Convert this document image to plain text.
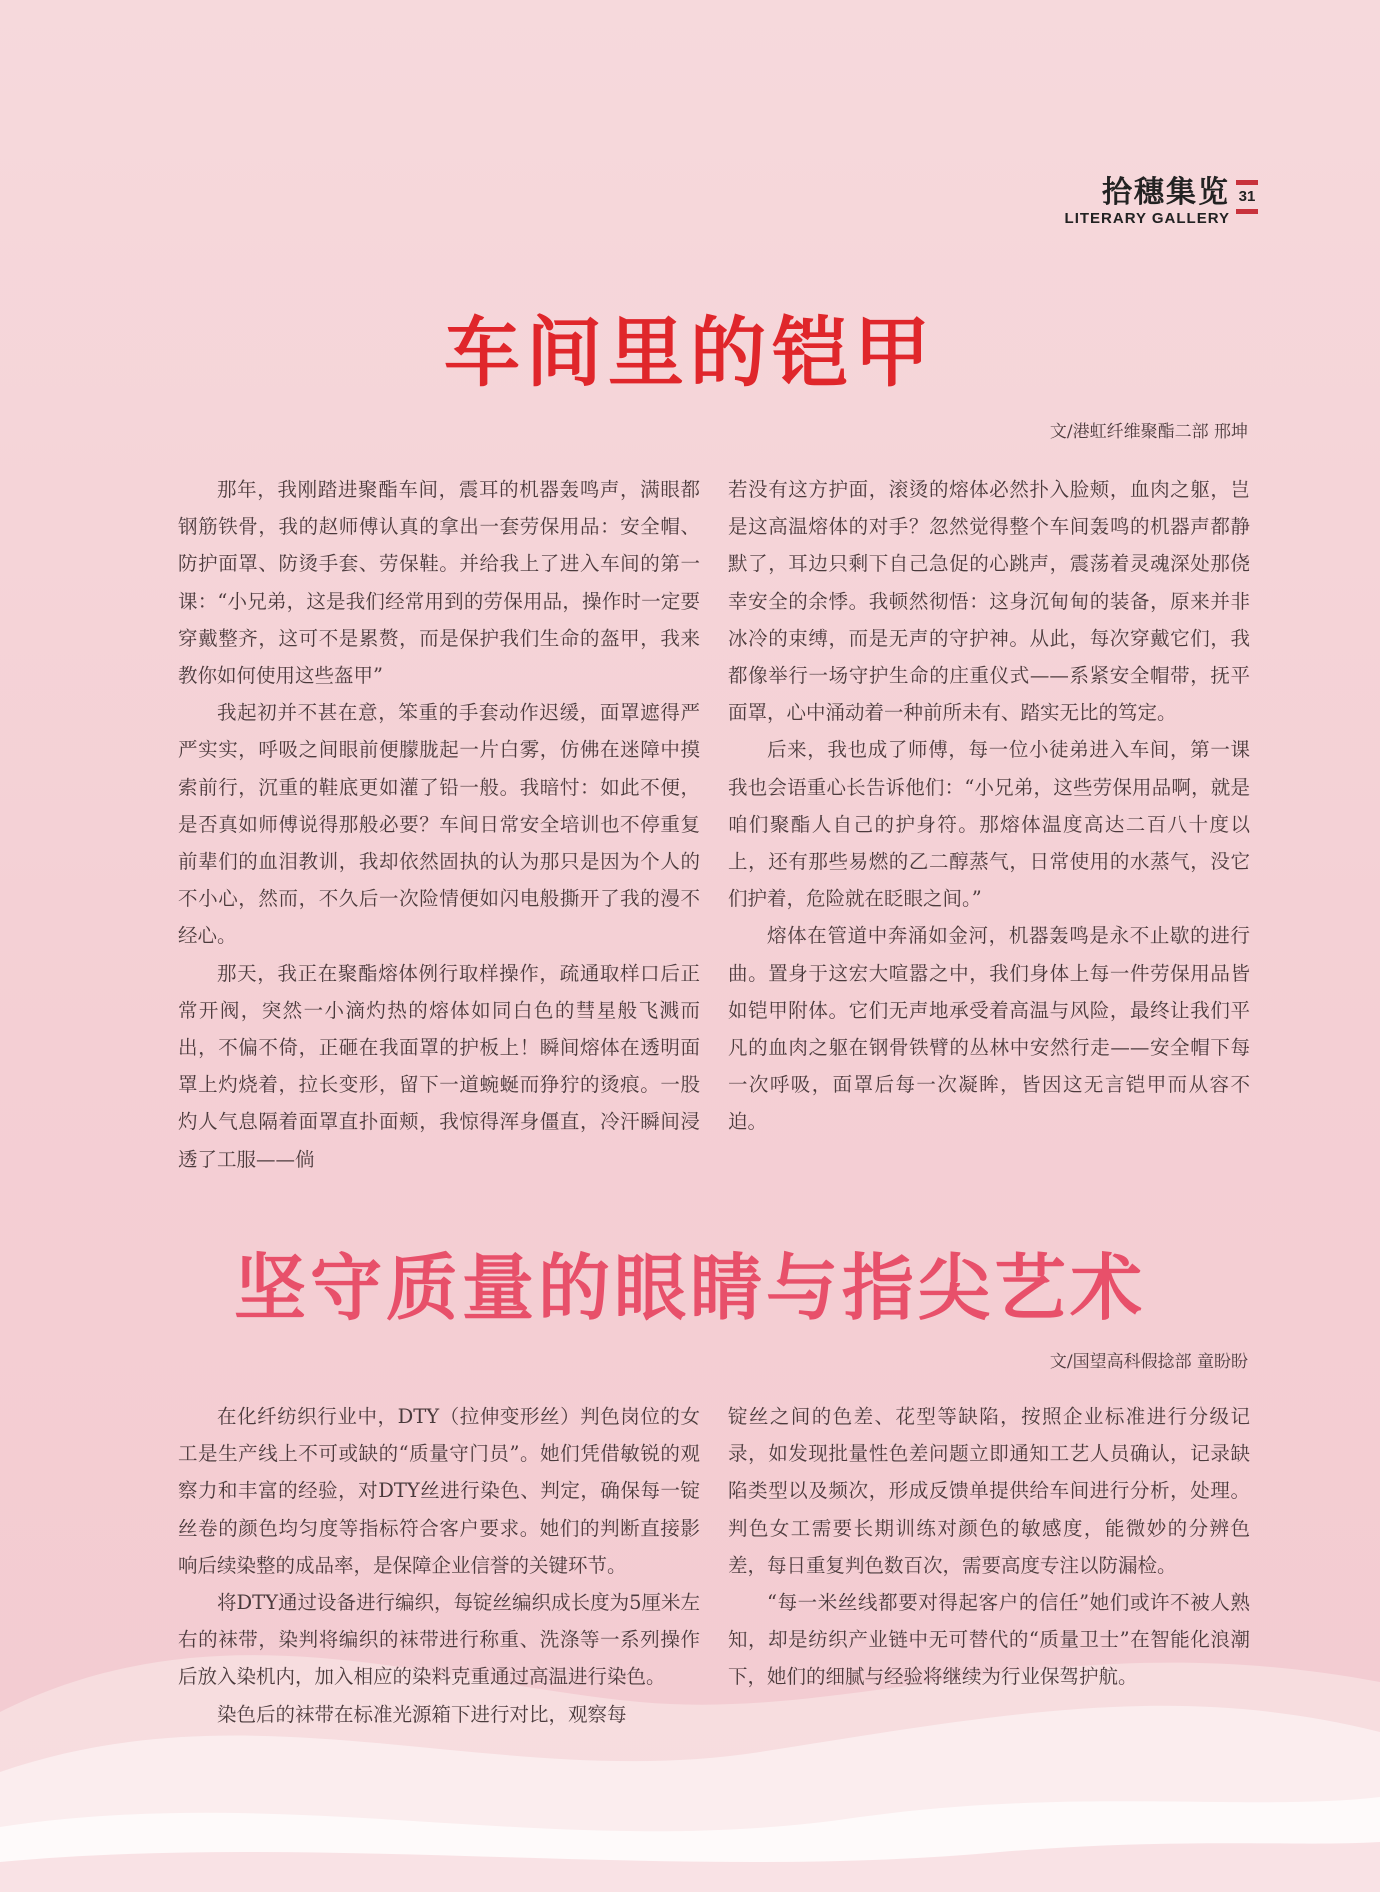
拾穗集览
LITERARY GALLERY
31
车间里的铠甲
文/港虹纤维聚酯二部 邢坤

那年，我刚踏进聚酯车间，震耳的机器轰鸣声，满眼都钢筋铁骨，我的赵师傅认真的拿出一套劳保用品：安全帽、防护面罩、防烫手套、劳保鞋。并给我上了进入车间的第一课：“小兄弟，这是我们经常用到的劳保用品，操作时一定要穿戴整齐，这可不是累赘，而是保护我们生命的盔甲，我来教你如何使用这些盔甲”

我起初并不甚在意，笨重的手套动作迟缓，面罩遮得严严实实，呼吸之间眼前便朦胧起一片白雾，仿佛在迷障中摸索前行，沉重的鞋底更如灌了铅一般。我暗忖：如此不便，是否真如师傅说得那般必要？车间日常安全培训也不停重复前辈们的血泪教训，我却依然固执的认为那只是因为个人的不小心，然而，不久后一次险情便如闪电般撕开了我的漫不经心。

那天，我正在聚酯熔体例行取样操作，疏通取样口后正常开阀，突然一小滴灼热的熔体如同白色的彗星般飞溅而出，不偏不倚，正砸在我面罩的护板上！瞬间熔体在透明面罩上灼烧着，拉长变形，留下一道蜿蜒而狰狞的烫痕。一股灼人气息隔着面罩直扑面颊，我惊得浑身僵直，冷汗瞬间浸透了工服——倘

若没有这方护面，滚烫的熔体必然扑入脸颊，血肉之躯，岂是这高温熔体的对手？忽然觉得整个车间轰鸣的机器声都静默了，耳边只剩下自己急促的心跳声，震荡着灵魂深处那侥幸安全的余悸。我顿然彻悟：这身沉甸甸的装备，原来并非冰冷的束缚，而是无声的守护神。从此，每次穿戴它们，我都像举行一场守护生命的庄重仪式——系紧安全帽带，抚平面罩，心中涌动着一种前所未有、踏实无比的笃定。

后来，我也成了师傅，每一位小徒弟进入车间，第一课我也会语重心长告诉他们：“小兄弟，这些劳保用品啊，就是咱们聚酯人自己的护身符。那熔体温度高达二百八十度以上，还有那些易燃的乙二醇蒸气，日常使用的水蒸气，没它们护着，危险就在眨眼之间。”

熔体在管道中奔涌如金河，机器轰鸣是永不止歇的进行曲。置身于这宏大喧嚣之中，我们身体上每一件劳保用品皆如铠甲附体。它们无声地承受着高温与风险，最终让我们平凡的血肉之躯在钢骨铁臂的丛林中安然行走——安全帽下每一次呼吸，面罩后每一次凝眸，皆因这无言铠甲而从容不迫。

坚守质量的眼睛与指尖艺术
文/国望高科假捻部 童盼盼

在化纤纺织行业中，DTY（拉伸变形丝）判色岗位的女工是生产线上不可或缺的“质量守门员”。她们凭借敏锐的观察力和丰富的经验，对DTY丝进行染色、判定，确保每一锭丝卷的颜色均匀度等指标符合客户要求。她们的判断直接影响后续染整的成品率，是保障企业信誉的关键环节。

将DTY通过设备进行编织，每锭丝编织成长度为5厘米左右的袜带，染判将编织的袜带进行称重、洗涤等一系列操作后放入染机内，加入相应的染料克重通过高温进行染色。

染色后的袜带在标准光源箱下进行对比，观察每

锭丝之间的色差、花型等缺陷，按照企业标准进行分级记录，如发现批量性色差问题立即通知工艺人员确认，记录缺陷类型以及频次，形成反馈单提供给车间进行分析，处理。判色女工需要长期训练对颜色的敏感度，能微妙的分辨色差，每日重复判色数百次，需要高度专注以防漏检。

“每一米丝线都要对得起客户的信任”她们或许不被人熟知，却是纺织产业链中无可替代的“质量卫士”在智能化浪潮下，她们的细腻与经验将继续为行业保驾护航。
